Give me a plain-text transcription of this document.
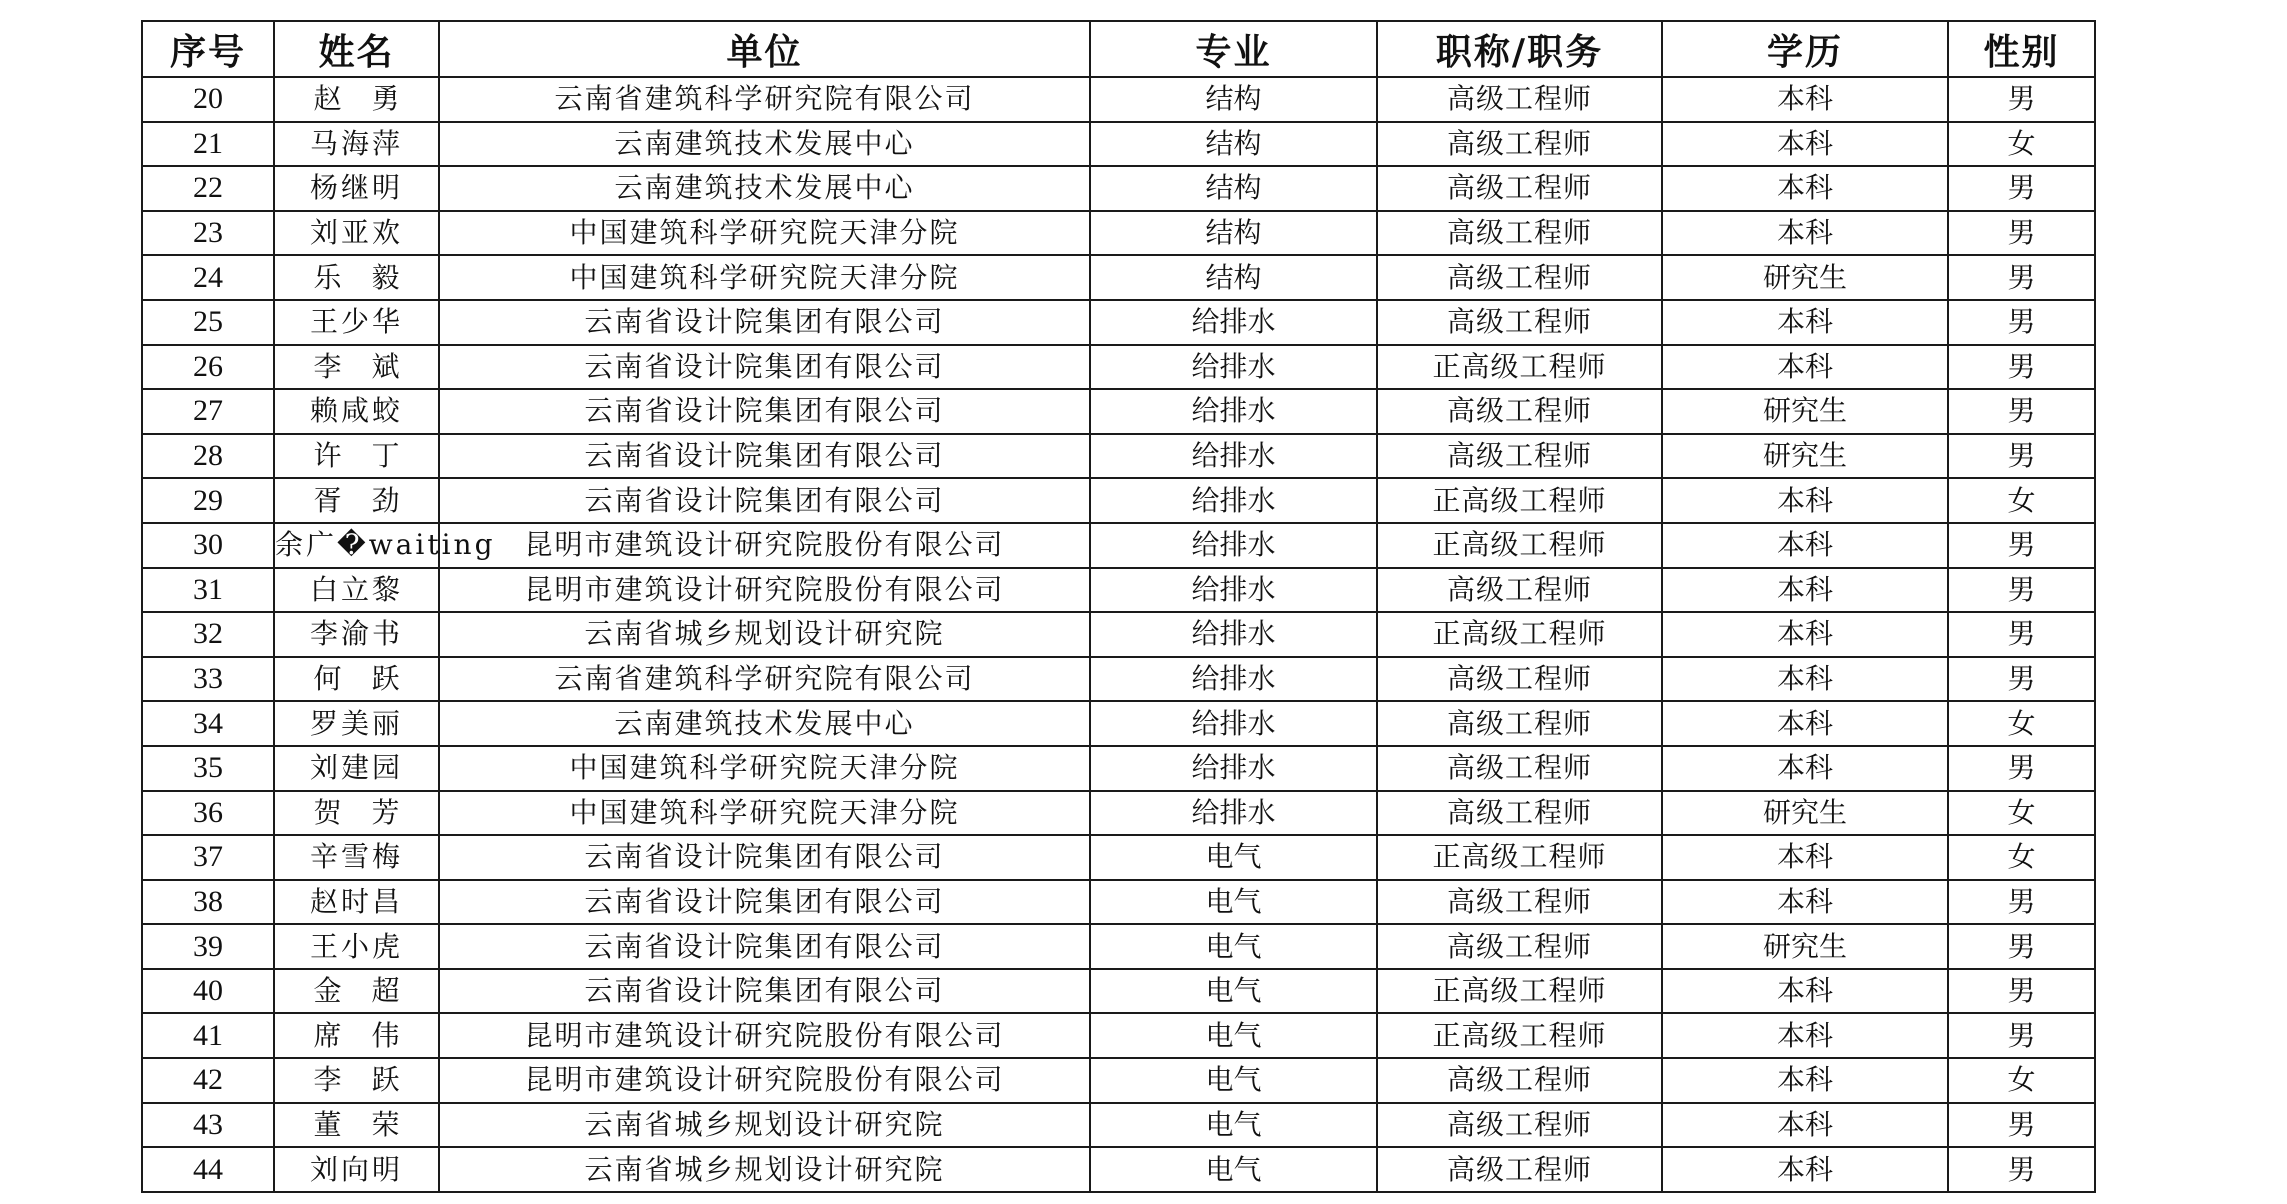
序号	姓名	单位	专业	职称/职务	学历	性别
20	赵勇	云南省建筑科学研究院有限公司	结构	高级工程师	本科	男
21	马海萍	云南建筑技术发展中心	结构	高级工程师	本科	女
22	杨继明	云南建筑技术发展中心	结构	高级工程师	本科	男
23	刘亚欢	中国建筑科学研究院天津分院	结构	高级工程师	本科	男
24	乐毅	中国建筑科学研究院天津分院	结构	高级工程师	研究生	男
25	王少华	云南省设计院集团有限公司	给排水	高级工程师	本科	男
26	李斌	云南省设计院集团有限公司	给排水	正高级工程师	本科	男
27	赖咸蛟	云南省设计院集团有限公司	给排水	高级工程师	研究生	男
28	许丁	云南省设计院集团有限公司	给排水	高级工程师	研究生	男
29	胥劲	云南省设计院集团有限公司	给排水	正高级工程师	本科	女
30	余广�waiting	昆明市建筑设计研究院股份有限公司	给排水	正高级工程师	本科	男
31	白立黎	昆明市建筑设计研究院股份有限公司	给排水	高级工程师	本科	男
32	李渝书	云南省城乡规划设计研究院	给排水	正高级工程师	本科	男
33	何跃	云南省建筑科学研究院有限公司	给排水	高级工程师	本科	男
34	罗美丽	云南建筑技术发展中心	给排水	高级工程师	本科	女
35	刘建园	中国建筑科学研究院天津分院	给排水	高级工程师	本科	男
36	贺芳	中国建筑科学研究院天津分院	给排水	高级工程师	研究生	女
37	辛雪梅	云南省设计院集团有限公司	电气	正高级工程师	本科	女
38	赵时昌	云南省设计院集团有限公司	电气	高级工程师	本科	男
39	王小虎	云南省设计院集团有限公司	电气	高级工程师	研究生	男
40	金超	云南省设计院集团有限公司	电气	正高级工程师	本科	男
41	席伟	昆明市建筑设计研究院股份有限公司	电气	正高级工程师	本科	男
42	李跃	昆明市建筑设计研究院股份有限公司	电气	高级工程师	本科	女
43	董荣	云南省城乡规划设计研究院	电气	高级工程师	本科	男
44	刘向明	云南省城乡规划设计研究院	电气	高级工程师	本科	男
